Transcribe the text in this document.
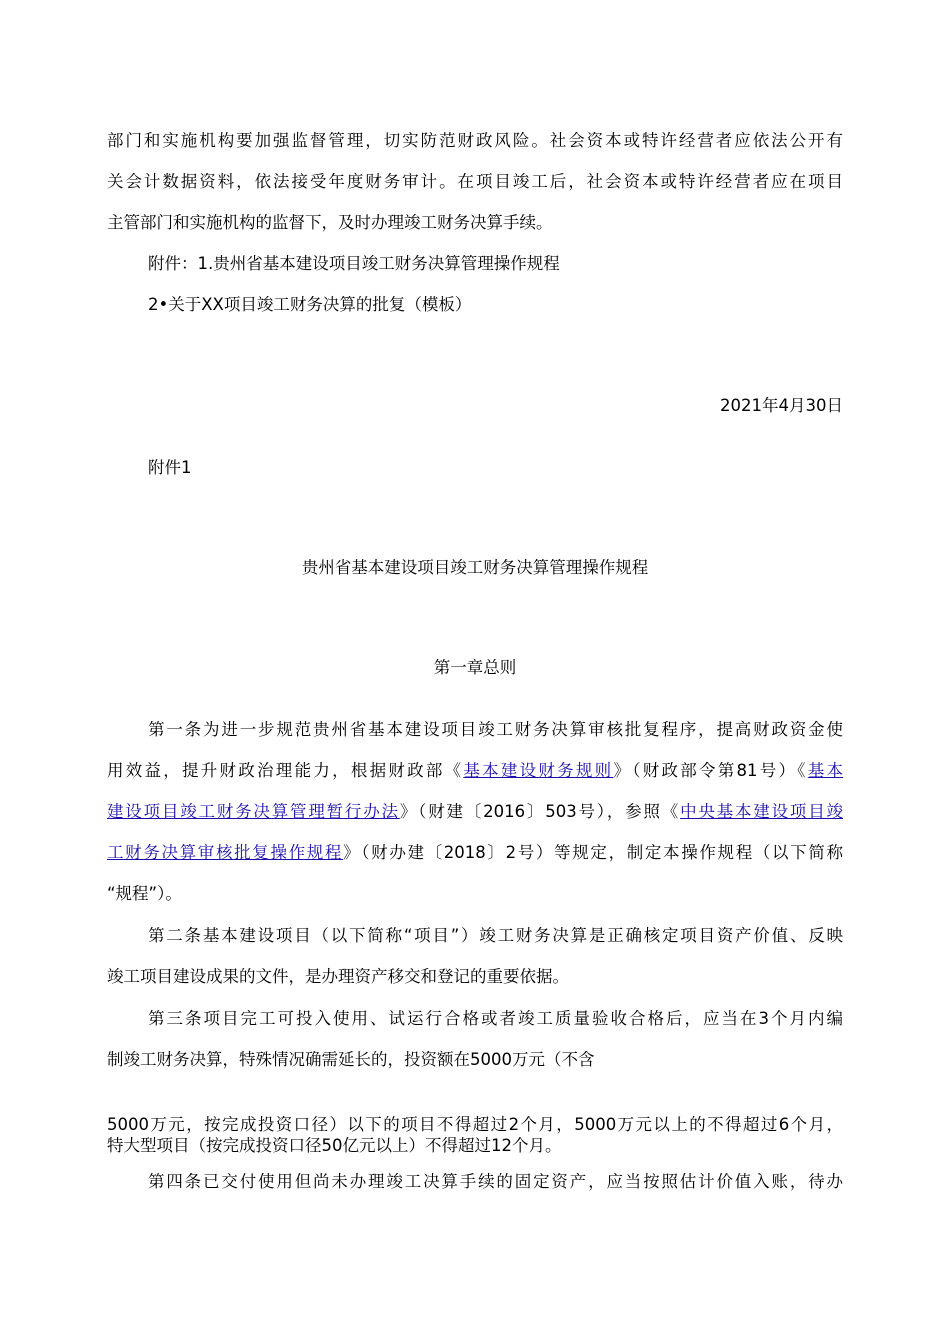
部门和实施机构要加强监督管理，切实防范财政风险。社会资本或特许经营者应依法公开有
关会计数据资料，依法接受年度财务审计。在项目竣工后，社会资本或特许经营者应在项目
主管部门和实施机构的监督下，及时办理竣工财务决算手续。
附件：1.贵州省基本建设项目竣工财务决算管理操作规程
2•关于XX项目竣工财务决算的批复（模板）
2021年4月30日
附件1
贵州省基本建设项目竣工财务决算管理操作规程
第一章总则
第一条为进一步规范贵州省基本建设项目竣工财务决算审核批复程序，提高财政资金使
用效益，提升财政治理能力，根据财政部《基本建设财务规则》（财政部令第81号）《基本
建设项目竣工财务决算管理暂行办法》（财建〔2016〕503号），参照《中央基本建设项目竣
工财务决算审核批复操作规程》（财办建〔2018〕2号）等规定，制定本操作规程（以下简称
“规程”）。
第二条基本建设项目（以下简称“项目”）竣工财务决算是正确核定项目资产价值、反映
竣工项目建设成果的文件，是办理资产移交和登记的重要依据。
第三条项目完工可投入使用、试运行合格或者竣工质量验收合格后，应当在3个月内编
制竣工财务决算，特殊情况确需延长的，投资额在5000万元（不含
5000万元，按完成投资口径）以下的项目不得超过2个月，5000万元以上的不得超过6个月，
特大型项目（按完成投资口径50亿元以上）不得超过12个月。
第四条已交付使用但尚未办理竣工决算手续的固定资产，应当按照估计价值入账，待办
